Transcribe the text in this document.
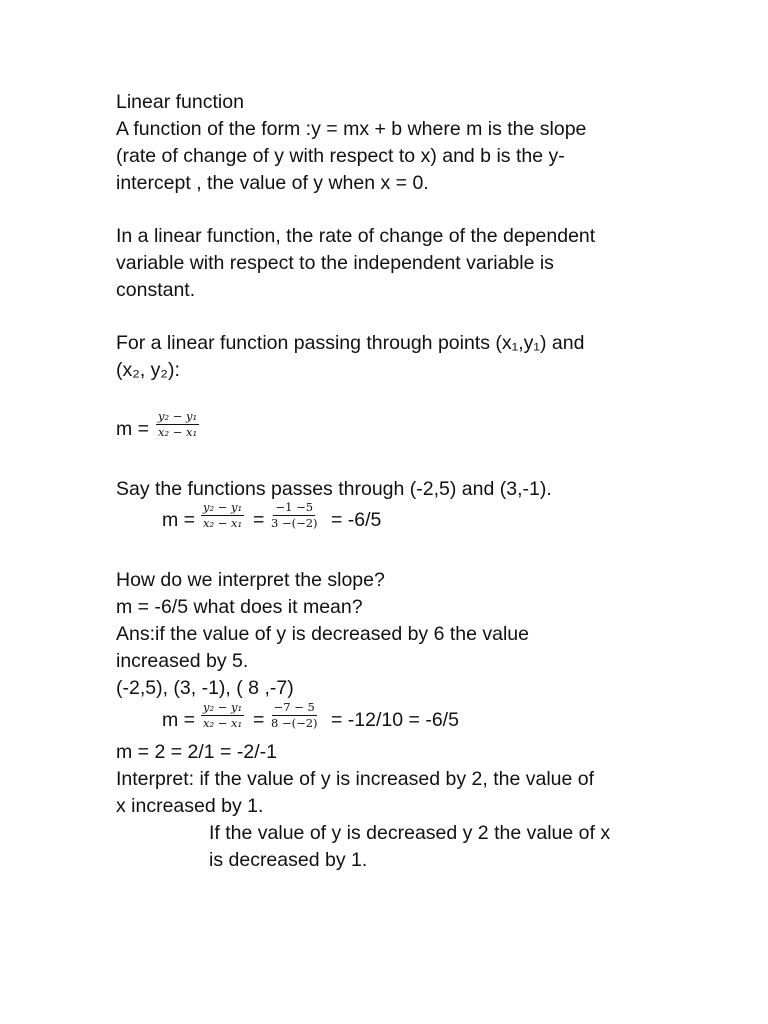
Linear function
A function of the form :y = mx + b where m is the slope
(rate of change of y with respect to x) and b is the y-
intercept , the value of y when x = 0.
In a linear function, the rate of change of the dependent
variable with respect to the independent variable is
constant.
For a linear function passing through points (x₁,y₁) and
(x₂, y₂):
$m = \frac{\text{y₂ − y₁}}{\text{x₂ − x₁}}$
Say the functions passes through (-2,5) and (3,-1).
$m = \frac{\text{y₂ − y₁}}{\text{x₂ − x₁}} = \frac{-1 -5}{3 -(-2)} = -6/5$
How do we interpret the slope?
m = -6/5 what does it mean?
Ans:if the value of y is decreased by 6 the value
increased by 5.
(-2,5), (3, -1), ( 8 ,-7)
$m = \frac{\text{y₂ − y₁}}{\text{x₂ − x₁}} = \frac{-7 - 5}{8 -(-2)} = -12/10 = -6/5$
m = 2 = 2/1 = -2/-1
Interpret: if the value of y is increased by 2, the value of
x increased by 1.
If the value of y is decreased y 2 the value of x
is decreased by 1.
